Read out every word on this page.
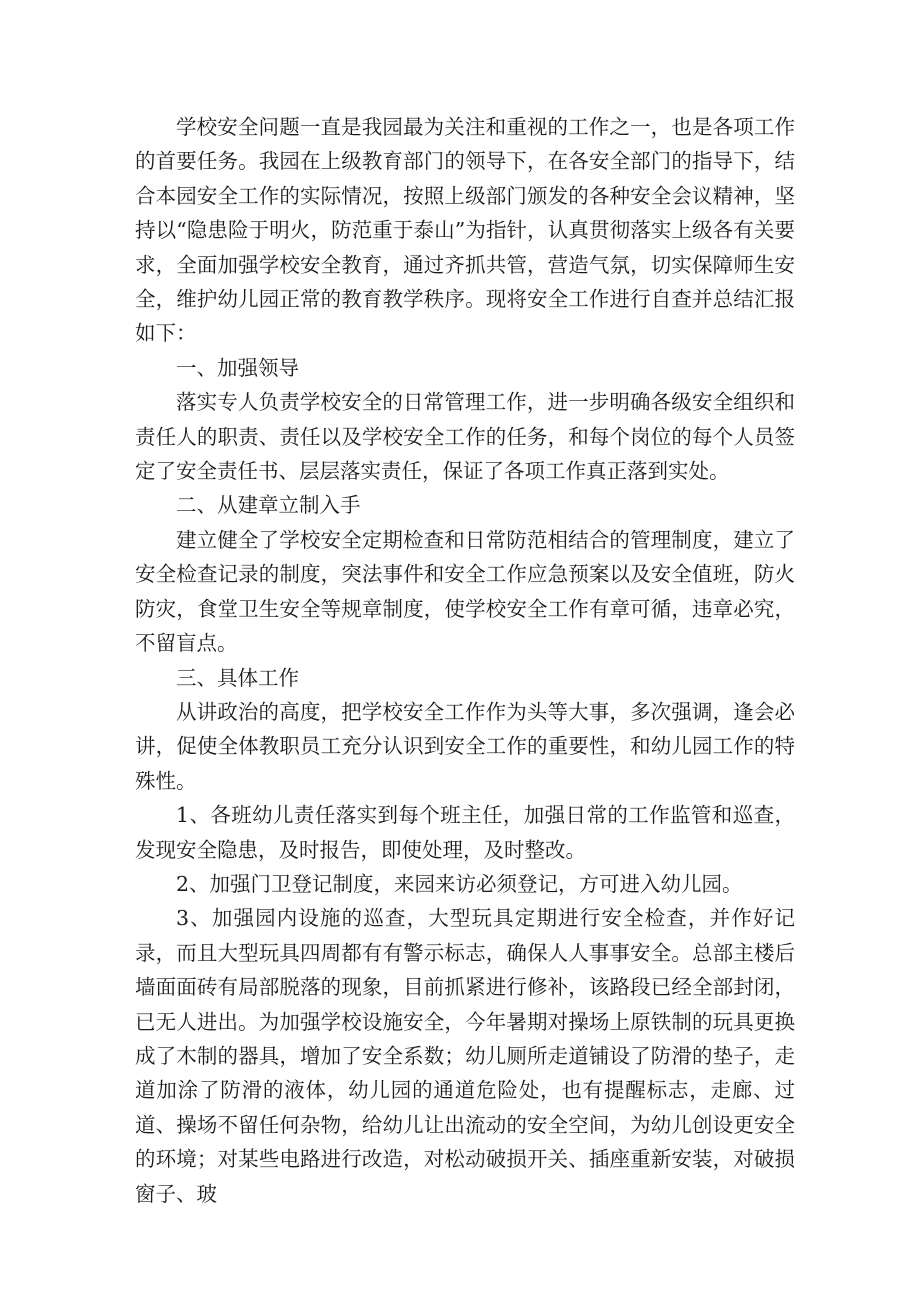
学校安全问题一直是我园最为关注和重视的工作之一，也是各项工作的首要任务。我园在上级教育部门的领导下，在各安全部门的指导下，结合本园安全工作的实际情况，按照上级部门颁发的各种安全会议精神，坚持以“隐患险于明火，防范重于泰山”为指针，认真贯彻落实上级各有关要求，全面加强学校安全教育，通过齐抓共管，营造气氛，切实保障师生安全，维护幼儿园正常的教育教学秩序。现将安全工作进行自查并总结汇报如下：

一、加强领导

落实专人负责学校安全的日常管理工作，进一步明确各级安全组织和责任人的职责、责任以及学校安全工作的任务，和每个岗位的每个人员签定了安全责任书、层层落实责任，保证了各项工作真正落到实处。

二、从建章立制入手

建立健全了学校安全定期检查和日常防范相结合的管理制度，建立了安全检查记录的制度，突法事件和安全工作应急预案以及安全值班，防火防灾，食堂卫生安全等规章制度，使学校安全工作有章可循，违章必究，不留盲点。

三、具体工作

从讲政治的高度，把学校安全工作作为头等大事，多次强调，逢会必讲，促使全体教职员工充分认识到安全工作的重要性，和幼儿园工作的特殊性。

1、各班幼儿责任落实到每个班主任，加强日常的工作监管和巡查，发现安全隐患，及时报告，即使处理，及时整改。

2、加强门卫登记制度，来园来访必须登记，方可进入幼儿园。

3、加强园内设施的巡查，大型玩具定期进行安全检查，并作好记录，而且大型玩具四周都有有警示标志，确保人人事事安全。总部主楼后墙面面砖有局部脱落的现象，目前抓紧进行修补，该路段已经全部封闭，已无人进出。为加强学校设施安全，今年暑期对操场上原铁制的玩具更换成了木制的器具，增加了安全系数；幼儿厕所走道铺设了防滑的垫子，走道加涂了防滑的液体，幼儿园的通道危险处，也有提醒标志，走廊、过道、操场不留任何杂物，给幼儿让出流动的安全空间，为幼儿创设更安全的环境；对某些电路进行改造，对松动破损开关、插座重新安装，对破损窗子、玻
